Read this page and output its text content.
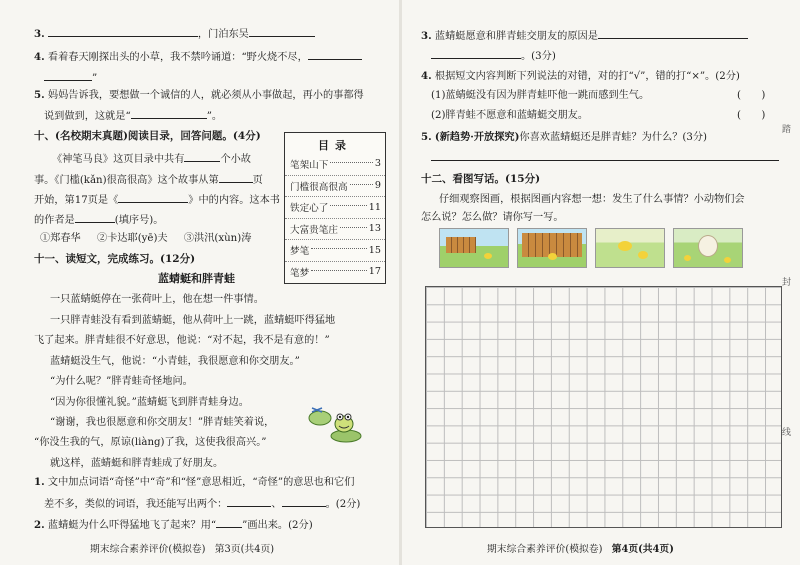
3.	，门泊东吴
4. 看着春天刚探出头的小草，我不禁吟诵道：“野火烧不尽，
”
5. 妈妈告诉我，要想做一个诚信的人，就必须从小事做起，再小的事都得
说到做到，这就是“	”。
十、(名校期末真题)阅读目录，回答问题。(4分)
《神笔马良》这页目录中共有	个小故
事。《门槛(kǎn)很高很高》这个故事从第	页
开始，第17页是《	》中的内容。这本书
的作者是	(填序号)。
①郑春华 ②卡达耶(yē)夫 ③洪汛(xùn)涛
目录
笔架山下	3
门槛很高很高	9
铁定心了	11
大富贵笔庄	13
梦笔	15
笔梦	17
十一、读短文，完成练习。(12分)
蓝蜻蜓和胖青蛙
一只蓝蜻蜓停在一张荷叶上，他在想一件事情。
一只胖青蛙没有看到蓝蜻蜓，他从荷叶上一跳，蓝蜻蜓吓得猛地
飞了起来。胖青蛙很不好意思，他说：“对不起，我不是有意的！”
蓝蜻蜓没生气，他说：“小青蛙，我很愿意和你交朋友。”
“为什么呢？”胖青蛙奇怪地问。
“因为你很懂礼貌。”蓝蜻蜓飞到胖青蛙身边。
“谢谢，我也很愿意和你交朋友！”胖青蛙笑着说，
“你没生我的气，原谅(liàng)了我，这使我很高兴。”
就这样，蓝蜻蜓和胖青蛙成了好朋友。
1. 文中加点词语“奇怪”中“奇”和“怪”意思相近，“奇怪”的意思也和它们
差不多，类似的词语，我还能写出两个：	、	。(2分)
2. 蓝蜻蜓为什么吓得猛地飞了起来？用“	”画出来。(2分)
期末综合素养评价(模拟卷) 第3页(共4页)
3. 蓝蜻蜓愿意和胖青蛙交朋友的原因是
。(3分)
4. 根据短文内容判断下列说法的对错，对的打“√”，错的打“×”。(2分)
(1)蓝蜻蜓没有因为胖青蛙吓他一跳而感到生气。	(　　)
(2)胖青蛙不愿意和蓝蜻蜓交朋友。	(　　)
5. (新趋势·开放探究)你喜欢蓝蜻蜓还是胖青蛙？为什么？(3分)
十二、看图写话。(15分)
仔细观察图画，根据图画内容想一想：发生了什么事情？小动物们会
怎么说？怎么做？请你写一写。
期末综合素养评价(模拟卷) 第4页(共4页)
踏
封
线
